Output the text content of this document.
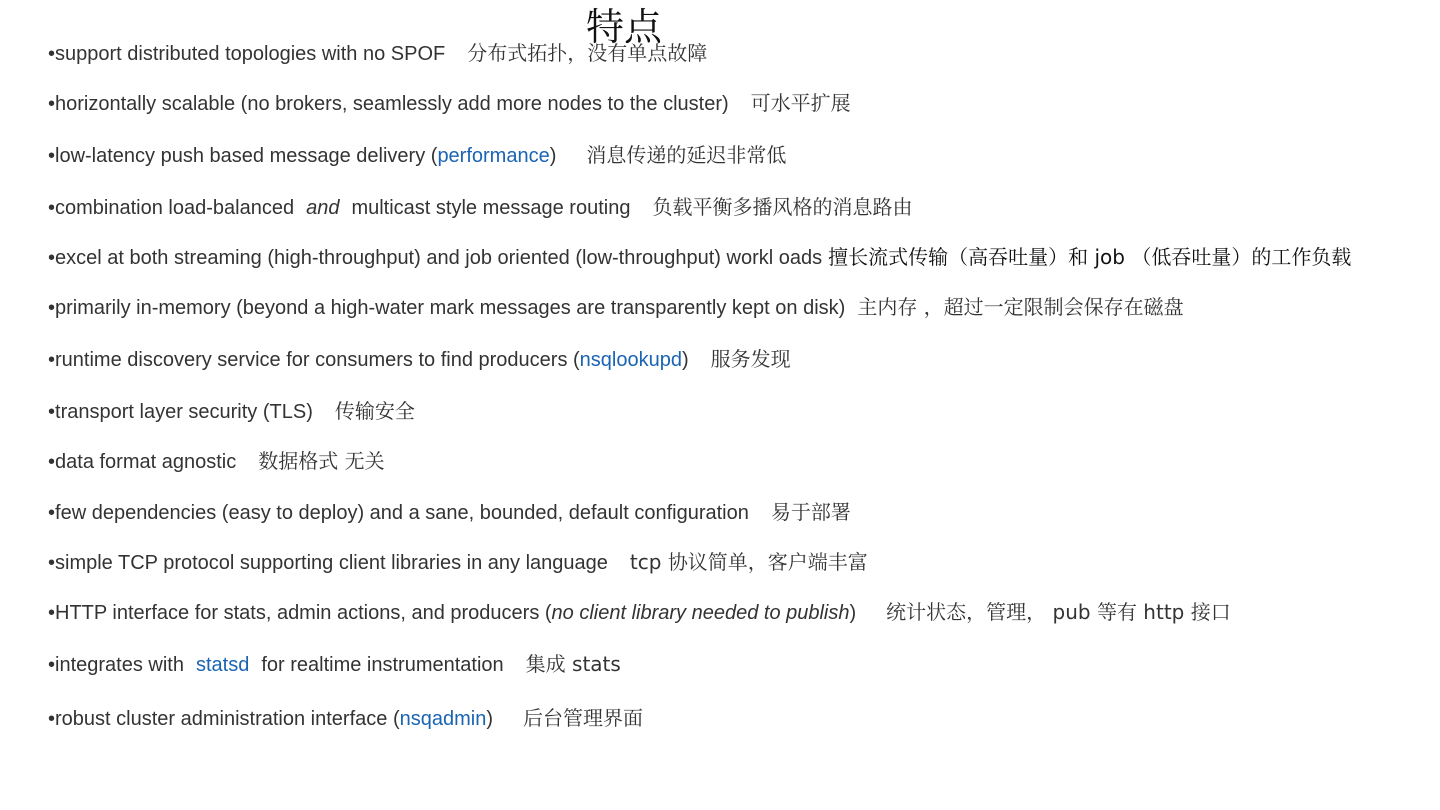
特点
•support distributed topologies with no SPOF 分布式拓扑，没有单点故障
•horizontally scalable (no brokers, seamlessly add more nodes to the cluster) 可水平扩展
•low-latency push based message delivery (performance) 消息传递的延迟非常低
•combination load-balanced and multicast style message routing 负载平衡多播风格的消息路由
•excel at both streaming (high-throughput) and job oriented (low-throughput) workl oads 擅长流式传输（高吞吐量）和 job （低吞吐量）的工作负载
•primarily in-memory (beyond a high-water mark messages are transparently kept on disk) 主内存 ，超过一定限制会保存在磁盘
•runtime discovery service for consumers to find producers (nsqlookupd) 服务发现
•transport layer security (TLS) 传输安全
•data format agnostic 数据格式 无关
•few dependencies (easy to deploy) and a sane, bounded, default configuration 易于部署
•simple TCP protocol supporting client libraries in any language tcp 协议简单，客户端丰富
•HTTP interface for stats, admin actions, and producers (no client library needed to publish) 统计状态，管理， pub 等有 http 接口
•integrates with statsd for realtime instrumentation 集成 stats
•robust cluster administration interface (nsqadmin) 后台管理界面
